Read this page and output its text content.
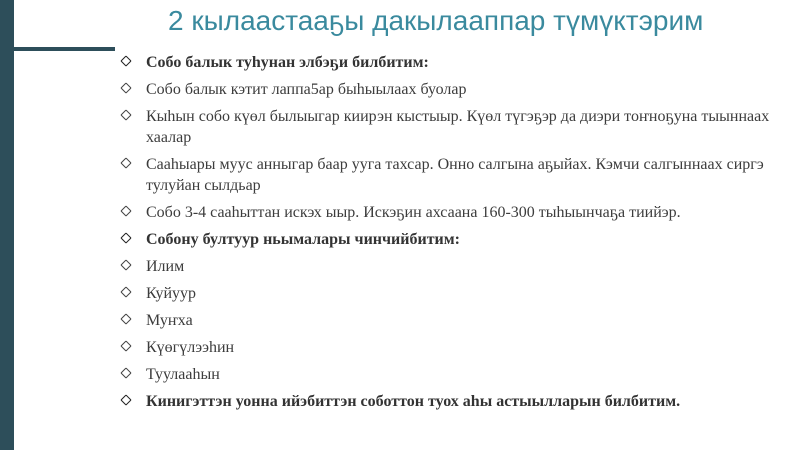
2 кылаастааҕы дакылааппар түмүктэрим
Собо балык туһунан элбэҕи билбитим:
Собо балык кэтит лаппа5ар быһыылаах буолар
Кыһын собо күөл былыыгар киирэн кыстыыр. Күөл түгэҕэр да диэри тоҥноҕуна тыыннаах хаалар
Сааһыары муус анныгар баар ууга тахсар. Онно салгына аҕыйах. Кэмчи салгыннаах сиргэ тулуйан сылдьар
Собо 3-4 сааһыттан искэх ыыр. Искэҕин ахсаана 160-300 тыһыынчаҕа тиийэр.
Собону бултуур ньымалары чинчийбитим:
Илим
Куйуур
Муҥха
Күөгүлээһин
Туулааһын
Кинигэттэн уонна ийэбиттэн соботтон туох аһы астыылларын билбитим.
